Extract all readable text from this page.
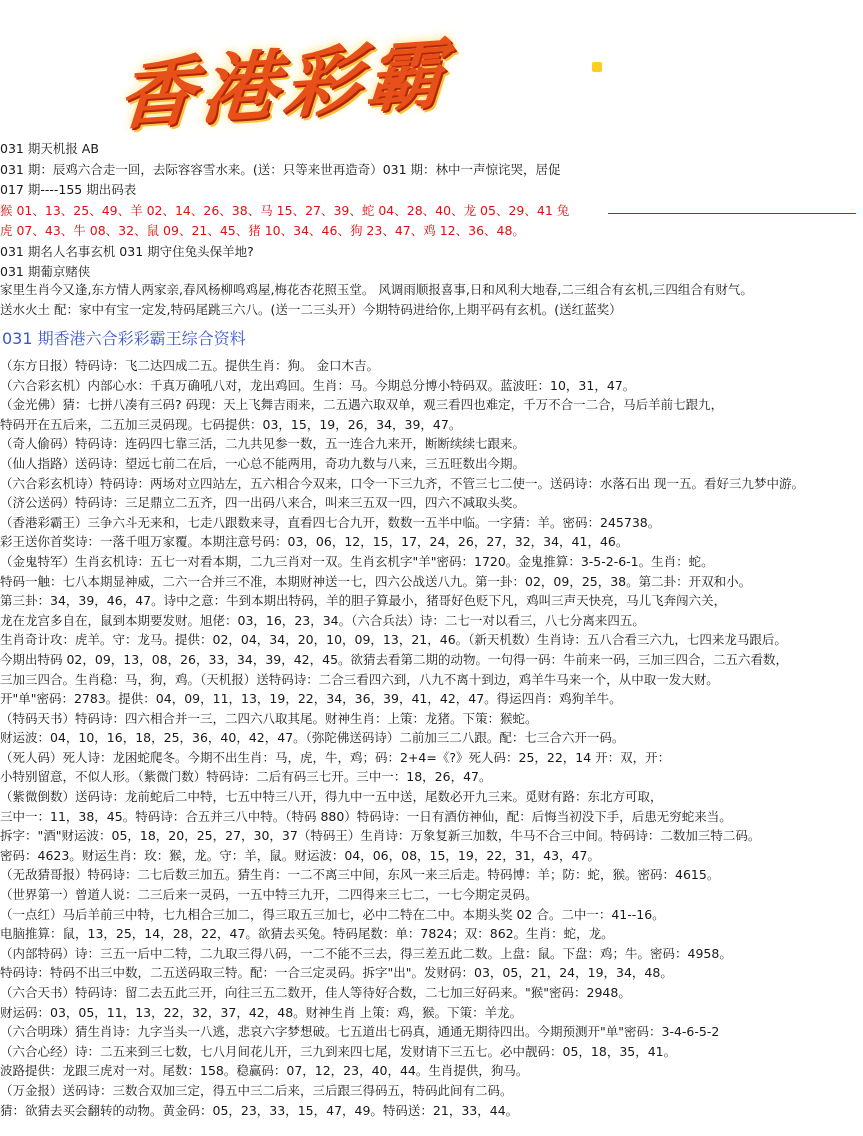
香港彩霸
031 期天机报 AB
031 期：辰鸡六合走一回，去际容容雪水来。(送：只等来世再造奇）031 期：林中一声惊诧哭，居促
017 期----155 期出码表
猴 01、13、25、49、羊 02、14、26、38、马 15、27、39、蛇 04、28、40、龙 05、29、41 兔
虎 07、43、牛 08、32、鼠 09、21、45、猪 10、34、46、狗 23、47、鸡 12、36、48。
031 期名人名事玄机 031 期守住兔头保羊地?
031 期葡京赌侠
家里生肖今又逢,东方情人两家亲,春风杨柳鸣鸡屋,梅花杏花照玉堂。 风调雨顺报喜事,日和风利大地春,二三组合有玄机,三四组合有财气。
送水火土 配：家中有宝一定发,特码尾跳三六八。(送一二三头开）今期特码进给你,上期平码有玄机。(送红蓝奖）
031 期香港六合彩彩霸王综合资料
（东方日报）特码诗：飞二达四成二五。提供生肖：狗。 金口木吉。
（六合彩玄机）内部心水：千真万确吼八对，龙出鸡回。生肖：马。今期总分博小特码双。蓝波旺：10，31，47。
（金光佛）猜：七拼八凑有三码? 码现：天上飞舞吉雨来，二五遇六取双单，观三看四也难定，千万不合一二合，马后羊前七跟九，
特码开在五后来，二五加三灵码现。七码提供：03，15，19，26，34，39，47。
（奇人偷码）特码诗：连码四七靠三活，二九共见参一数，五一连合九来开，断断续续七跟来。
（仙人指路）送码诗：望远七前二在后，一心总不能两用，奇功九数与八来，三五旺数出今期。
（六合彩玄机诗）特码诗：两场对立四站左，五六相合今双来，口令一下三九齐，不管三七二使一。送码诗：水落石出 现一五。看好三九梦中游。
（济公送码）特码诗：三足鼎立二五齐，四一出码八来合，叫来三五双一四，四六不减取头奖。
（香港彩霸王）三争六斗无来和，七走八跟数来寻，直看四七合九开，数数一五半中临。一字猜：羊。密码：245738。
彩王送你首奖诗：一落千咀万家覆。本期注意号码：03，06，12，15，17，24，26，27，32，34，41，46。
（金鬼特军）生肖玄机诗：五七一对看本期，二九三肖对一双。生肖玄机字"羊"密码：1720。金鬼推算：3-5-2-6-1。生肖：蛇。
特码一触：七八本期显神威，二六一合并三不准，本期财神送一七，四六公战送八九。第一卦：02，09，25，38。第二卦：开双和小。
第三卦：34，39，46，47。诗中之意：牛到本期出特码，羊的胆子算最小，猪哥好色贬下凡，鸡叫三声天快亮，马儿飞奔闯六关，
龙在龙宫多自在，鼠到本期要发财。旭佬：03，16，23，34。（六合兵法）诗：二七一对以看三，八七分离来四五。
生肖奇计攻：虎羊。守：龙马。提供：02，04，34，20，10，09，13，21，46。（新天机数）生肖诗：五八合看三六九，七四来龙马跟后。
今期出特码 02，09，13，08，26，33，34，39，42，45。欲猜去看第二期的动物。一句得一码：牛前来一码，三加三四合，二五六看数，
三加三四合。生肖稳：马，狗，鸡。（天机报）送特码诗：二合三看四六到，八九不离十到边，鸡羊牛马来一个，从中取一发大财。
开"单"密码：2783。提供：04，09，11，13，19，22，34，36，39，41，42，47。得运四肖：鸡狗羊牛。
（特码天书）特码诗：四六相合并一三，二四六八取其尾。财神生肖：上策：龙猪。下策：猴蛇。
财运波：04，10，16，18，25，36，40，42，47。（弥陀佛送码诗）二前加三二八跟。配：七三合六开一码。
（死人码）死人诗：龙困蛇爬冬。今期不出生肖：马，虎，牛，鸡；码：2+4=《?》死人码：25，22，14 开：双，开：
小特别留意，不似人形。（紫微门数）特码诗：二后有码三七开。三中一：18，26，47。
（紫微倒数）送码诗：龙前蛇后二中特，七五中特三八开，得九中一五中送，尾数必开九三来。觅财有路：东北方可取，
三中一：11，38，45。特码诗：合五并三八中特。（特码 880）特码诗：一日有酒仿神仙，配：后悔当初没下手，后患无穷蛇来当。
拆字："酒"财运波：05，18，20，25，27，30，37（特码王）生肖诗：万象复新三加数，牛马不合三中间。特码诗：二数加三特二码。
密码：4623。财运生肖：玫：猴，龙。守：羊，鼠。财运波：04，06，08，15，19，22，31，43，47。
（无敌猜哥报）特码诗：二七后数三加五。猜生肖：一二不离三中间，东风一来三后走。特码博：羊；防：蛇，猴。密码：4615。
（世界第一）曾道人说：二三后来一灵码，一五中特三九开，二四得来三七二，一七今期定灵码。
（一点红）马后羊前三中特，七九相合三加二，得三取五三加七，必中二特在二中。本期头奖 02 合。二中一：41--16。
电脑推算：鼠，13，25，14，28，22，47。欲猜去买兔。特码尾数：单：7824；双：862。生肖：蛇，龙。
（内部特码）诗：三五一后中二特，二九取三得八码，一二不能不三去，得三差五此二数。上盘：鼠。下盘：鸡；牛。密码：4958。
特码诗：特码不出三中数，二五送码取三特。配：一合三定灵码。拆字"出"。发财码：03，05，21，24，19，34，48。
（六合天书）特码诗：留二去五此三开，向往三五二数开，佳人等待好合数，二七加三好码来。"猴"密码：2948。
财运码：03，05，11，13，22，32，37，42，48。财神生肖 上策：鸡，猴。下策：羊龙。
（六合明珠）猜生肖诗：九字当头一八逃，悲哀六字梦想破。七五道出七码真，通通无期待四出。今期预测开"单"密码：3-4-6-5-2
（六合心经）诗：二五来到三七数，七八月间花儿开，三九到来四七尾，发财请下三五七。必中靓码：05，18，35，41。
波路提供：龙跟三虎对一对。尾数：158。稳赢码：07，12，23，40，44。生肖提供，狗马。
（万金报）送码诗：三数合双加三定，得五中三二后来，三后跟三得码五，特码此间有二码。
猜：欲猜去买会翻转的动物。黄金码：05，23，33，15，47，49。特码送：21，33，44。
